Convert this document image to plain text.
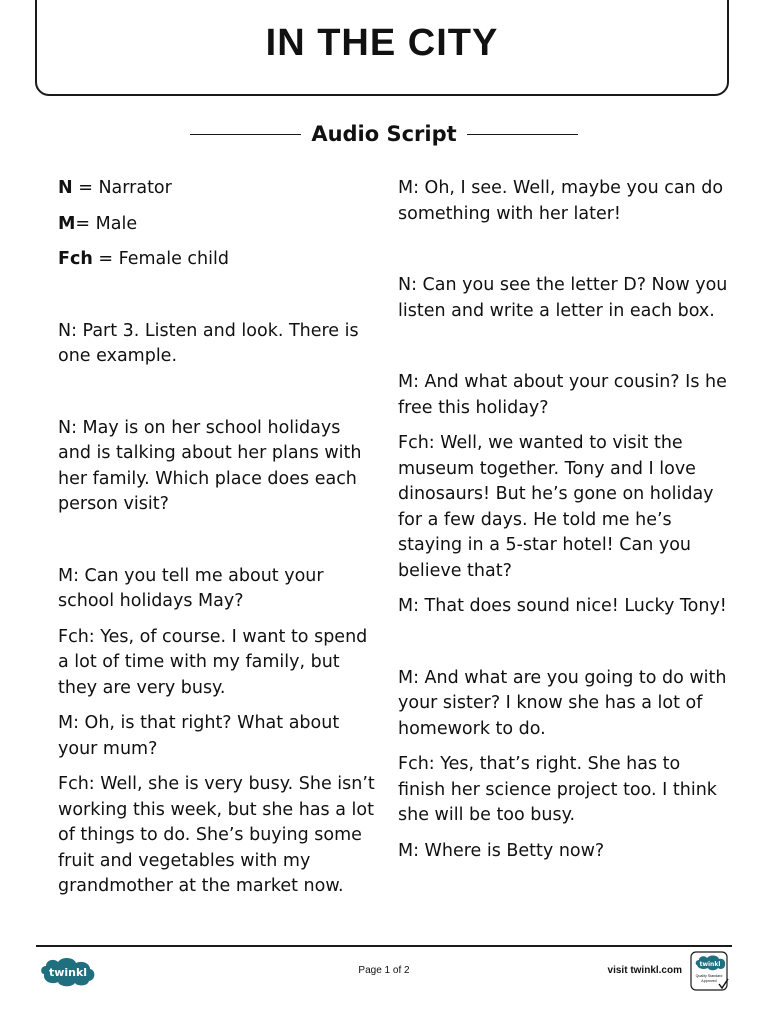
IN THE CITY
Audio Script

N = Narrator

M= Male

Fch = Female child

N: Part 3. Listen and look. There is one example.

N: May is on her school holidays and is talking about her plans with her family. Which place does each person visit?

M: Can you tell me about your school holidays May?

Fch: Yes, of course. I want to spend a lot of time with my family, but they are very busy.

M: Oh, is that right? What about your mum?

Fch: Well, she is very busy. She isn’t working this week, but she has a lot of things to do. She’s buying some fruit and vegetables with my grandmother at the market now.

M: Oh, I see. Well, maybe you can do something with her later!

N: Can you see the letter D? Now you listen and write a letter in each box.

M: And what about your cousin? Is he free this holiday?

Fch: Well, we wanted to visit the museum together. Tony and I love dinosaurs! But he’s gone on holiday for a few days. He told me he’s staying in a 5-star hotel! Can you believe that?

M: That does sound nice! Lucky Tony!

M: And what are you going to do with your sister? I know she has a lot of homework to do.

Fch: Yes, that’s right. She has to finish her science project too. I think she will be too busy.

M: Where is Betty now?

twinkl	Page 1 of 2	visit twinkl.com
twinkl
Quality Standard
Approved
